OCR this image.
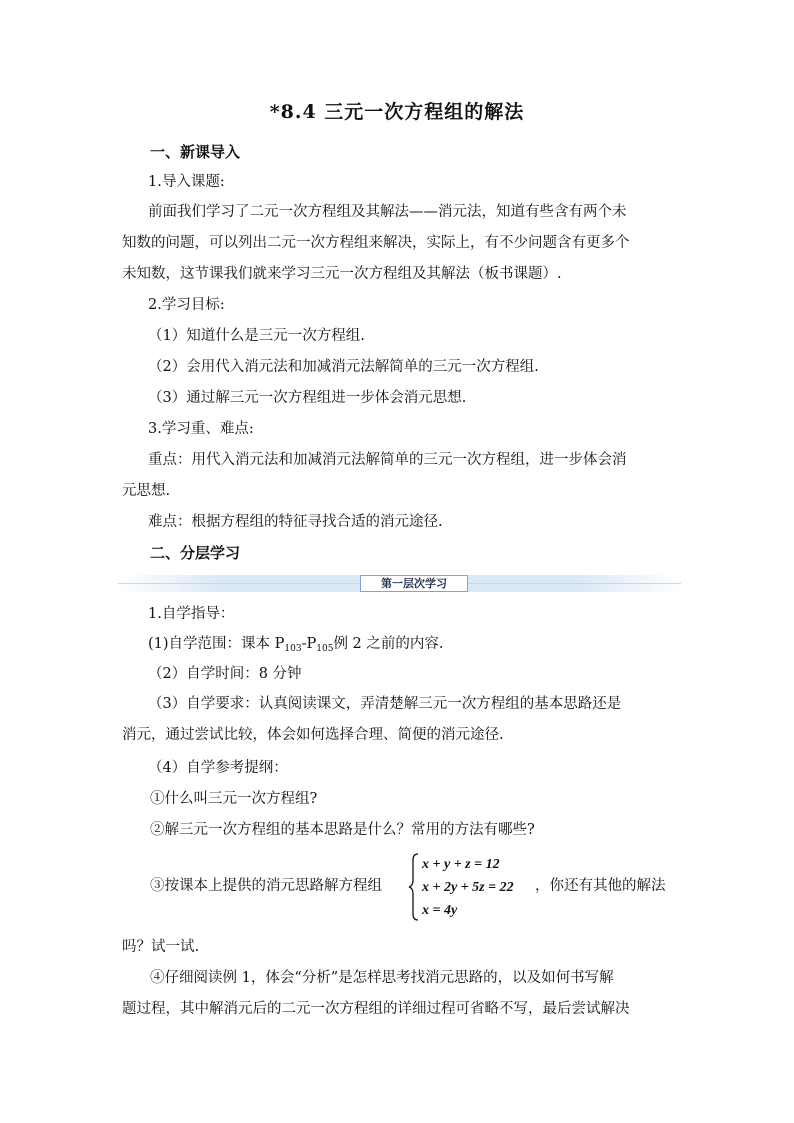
*8.4 三元一次方程组的解法
一、新课导入
1.导入课题:
前面我们学习了二元一次方程组及其解法——消元法，知道有些含有两个未
知数的问题，可以列出二元一次方程组来解决，实际上，有不少问题含有更多个
未知数，这节课我们就来学习三元一次方程组及其解法（板书课题）.
2.学习目标:
（1）知道什么是三元一次方程组.
（2）会用代入消元法和加减消元法解简单的三元一次方程组.
（3）通过解三元一次方程组进一步体会消元思想.
3.学习重、难点:
重点：用代入消元法和加减消元法解简单的三元一次方程组，进一步体会消
元思想.
难点：根据方程组的特征寻找合适的消元途径.
二、分层学习
第一层次学习
1.自学指导：
(1)自学范围：课本 $P_{103}-P_{105}$例 2 之前的内容.
（2）自学时间：8 分钟
（3）自学要求：认真阅读课文，弄清楚解三元一次方程组的基本思路还是
消元，通过尝试比较，体会如何选择合理、简便的消元途径.
（4）自学参考提纲：
①什么叫三元一次方程组?
②解三元一次方程组的基本思路是什么？常用的方法有哪些?
③按课本上提供的消元思路解方程组
x + y + z = 12
x + 2y + 5z = 22
x = 4y
，你还有其他的解法
吗？试一试.
④仔细阅读例 1，体会“分析”是怎样思考找消元思路的，以及如何书写解
题过程，其中解消元后的二元一次方程组的详细过程可省略不写，最后尝试解决
